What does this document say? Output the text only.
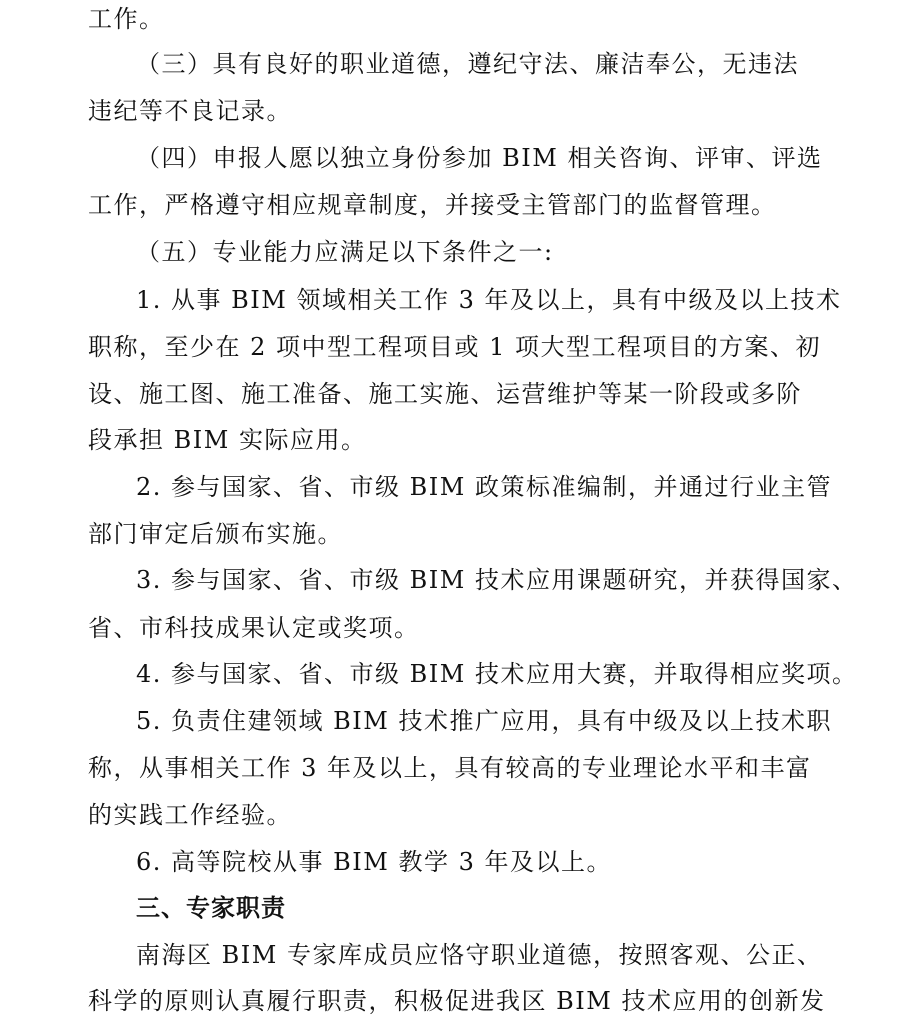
工作。
（三）具有良好的职业道德，遵纪守法、廉洁奉公，无违法
违纪等不良记录。
（四）申报人愿以独立身份参加 BIM 相关咨询、评审、评选
工作，严格遵守相应规章制度，并接受主管部门的监督管理。
（五）专业能力应满足以下条件之一:
1. 从事 BIM 领域相关工作 3 年及以上，具有中级及以上技术
职称，至少在 2 项中型工程项目或 1 项大型工程项目的方案、初
设、施工图、施工准备、施工实施、运营维护等某一阶段或多阶
段承担 BIM 实际应用。
2. 参与国家、省、市级 BIM 政策标准编制，并通过行业主管
部门审定后颁布实施。
3. 参与国家、省、市级 BIM 技术应用课题研究，并获得国家、
省、市科技成果认定或奖项。
4. 参与国家、省、市级 BIM 技术应用大赛，并取得相应奖项。
5. 负责住建领域 BIM 技术推广应用，具有中级及以上技术职
称，从事相关工作 3 年及以上，具有较高的专业理论水平和丰富
的实践工作经验。
6. 高等院校从事 BIM 教学 3 年及以上。
三、专家职责
南海区 BIM 专家库成员应恪守职业道德，按照客观、公正、
科学的原则认真履行职责，积极促进我区 BIM 技术应用的创新发
